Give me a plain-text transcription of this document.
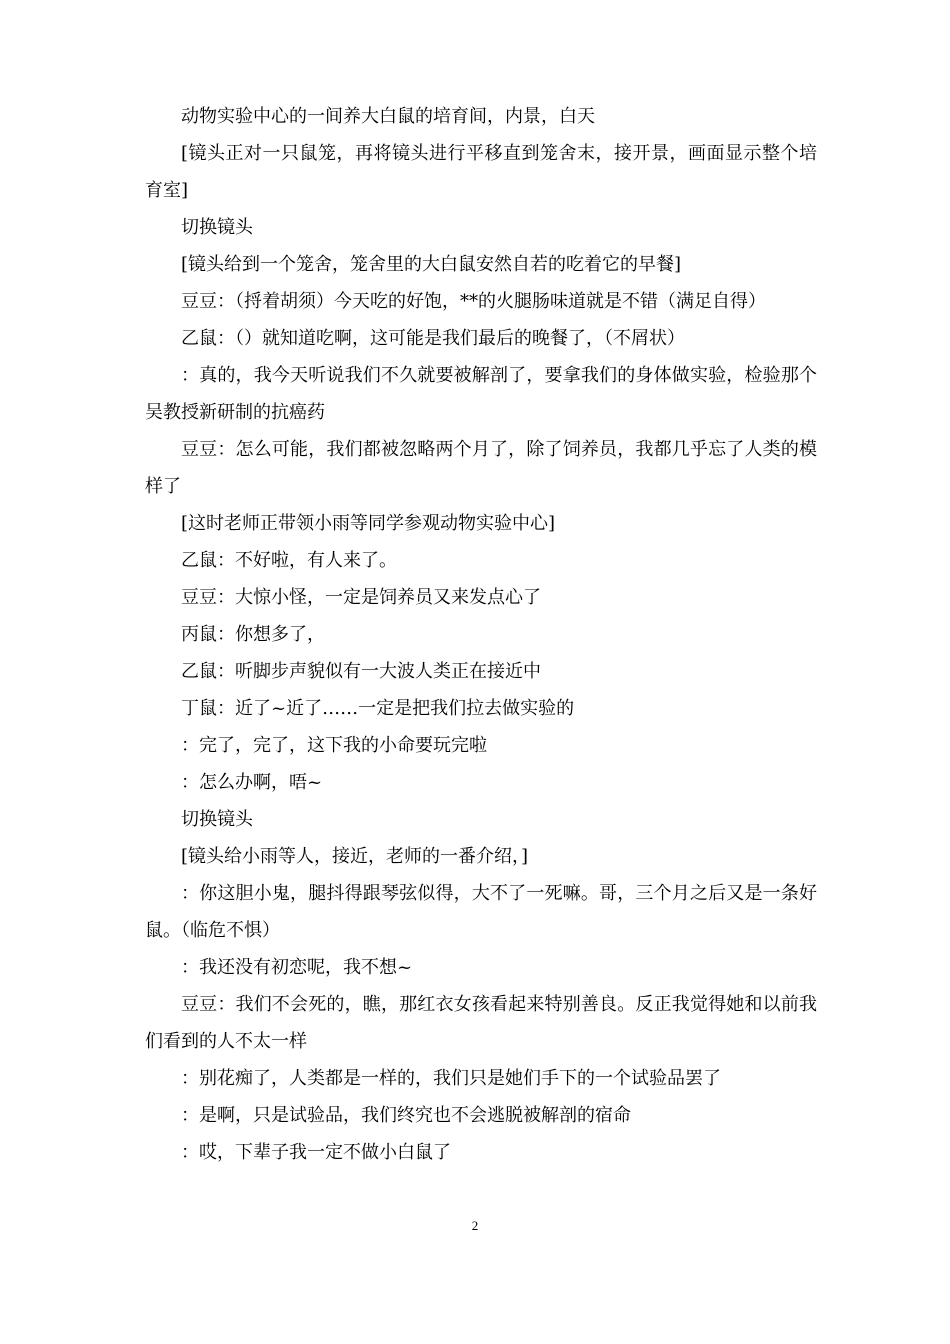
动物实验中心的一间养大白鼠的培育间，内景，白天

[镜头正对一只鼠笼，再将镜头进行平移直到笼舍末，接开景，画面显示整个培育室]

切换镜头

[镜头给到一个笼舍，笼舍里的大白鼠安然自若的吃着它的早餐]

豆豆：（捋着胡须）今天吃的好饱，**的火腿肠味道就是不错（满足自得）

乙鼠：（）就知道吃啊，这可能是我们最后的晚餐了，（不屑状）

：真的，我今天听说我们不久就要被解剖了，要拿我们的身体做实验，检验那个吴教授新研制的抗癌药

豆豆：怎么可能，我们都被忽略两个月了，除了饲养员，我都几乎忘了人类的模样了

[这时老师正带领小雨等同学参观动物实验中心]

乙鼠：不好啦，有人来了。

豆豆：大惊小怪，一定是饲养员又来发点心了

丙鼠：你想多了，

乙鼠：听脚步声貌似有一大波人类正在接近中

丁鼠：近了~近了……一定是把我们拉去做实验的

：完了，完了，这下我的小命要玩完啦

：怎么办啊，唔~

切换镜头

[镜头给小雨等人，接近，老师的一番介绍，]

：你这胆小鬼，腿抖得跟琴弦似得，大不了一死嘛。哥，三个月之后又是一条好鼠。（临危不惧）

：我还没有初恋呢，我不想~

豆豆：我们不会死的，瞧，那红衣女孩看起来特别善良。反正我觉得她和以前我们看到的人不太一样

：别花痴了，人类都是一样的，我们只是她们手下的一个试验品罢了

：是啊，只是试验品，我们终究也不会逃脱被解剖的宿命

：哎，下辈子我一定不做小白鼠了

2
